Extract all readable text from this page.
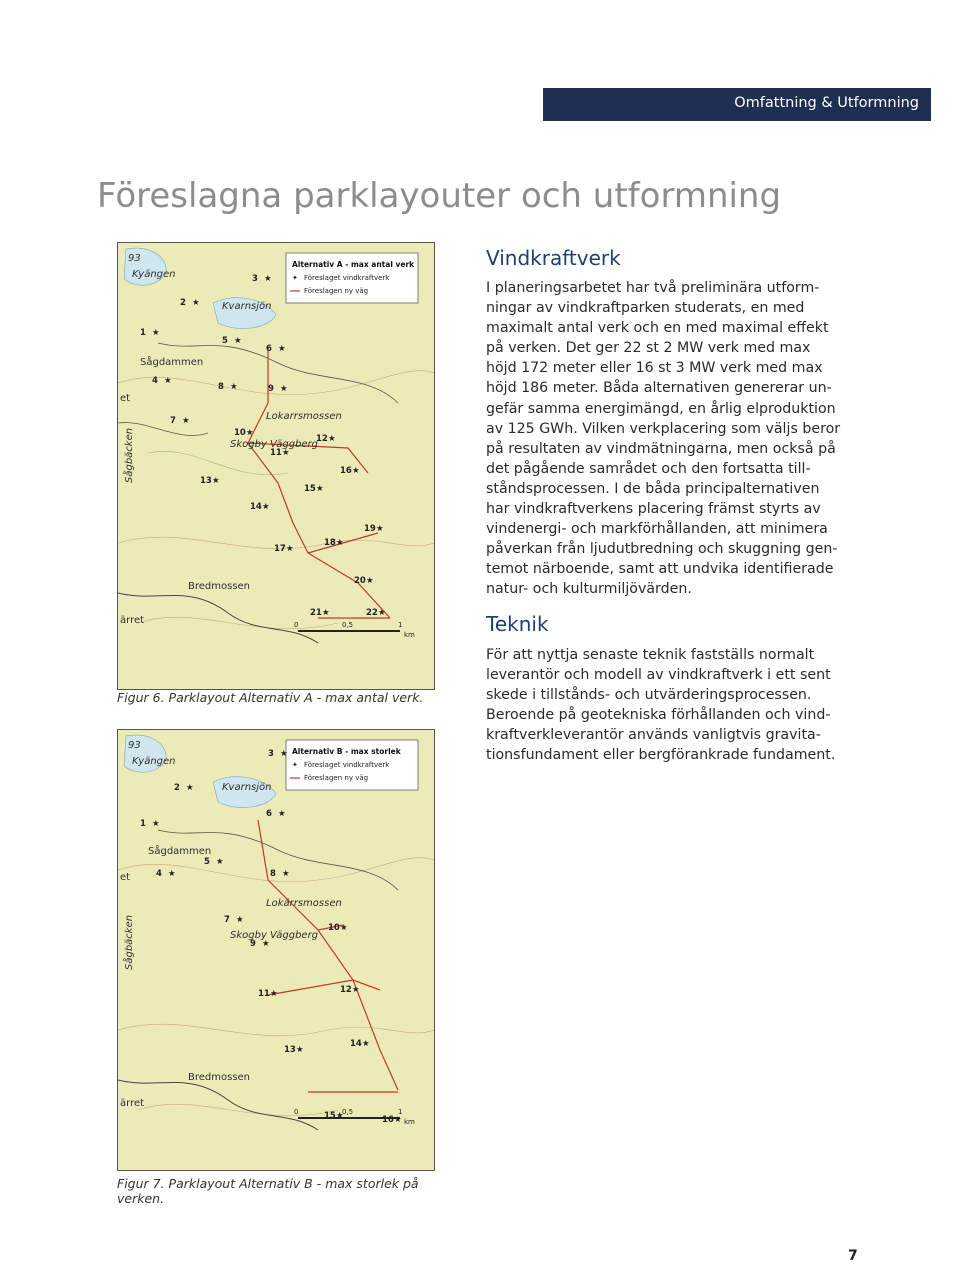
Omfattning & Utformning
Föreslagna parklayouter och utformning
Alternativ A - max antal verk
✦ Föreslaget vindkraftverk
Föreslagen ny väg
93
Kyängen
Kvarnsjön
Sågdammen
Lokarrsmossen
Skogby Väggberg
Sågbäcken
Bredmossen
et
ärret	0	0,5	1
km
1 ★
2 ★
3 ★
4 ★
5 ★
6 ★
7 ★
8 ★	9 ★
10 ★
11 ★
12 ★
13 ★
14 ★
15 ★
16 ★
17 ★
18 ★
19 ★
20 ★
21 ★	22 ★
Figur 6. Parklayout Alternativ A - max antal verk.
Alternativ B - max storlek
✦ Föreslaget vindkraftverk
Föreslagen ny väg
93
Kyängen
Kvarnsjön
Sågdammen
Lokärrsmossen
Skogby Väggberg
Sågbäcken
Bredmossen
et
ärret
0	0,5	1
km
1 ★
2 ★
3 ★
4 ★
5 ★
6 ★
7 ★
8 ★
9 ★
10 ★
11 ★	12 ★
13 ★
14 ★
15 ★	16 ★
Figur 7. Parklayout Alternativ B - max storlek på verken.
Vindkraftverk
I planeringsarbetet har två preliminära utform-
ningar av vindkraftparken studerats, en med
maximalt antal verk och en med maximal effekt
på verken. Det ger 22 st 2 MW verk med max
höjd 172 meter eller 16 st 3 MW verk med max
höjd 186 meter. Båda alternativen genererar un-
gefär samma energimängd, en årlig elproduktion
av 125 GWh. Vilken verkplacering som väljs beror
på resultaten av vindmätningarna, men också på
det pågående samrådet och den fortsatta till-
ståndsprocessen. I de båda principalternativen
har vindkraftverkens placering främst styrts av
vindenergi- och markförhållanden, att minimera
påverkan från ljudutbredning och skuggning gen-
temot närboende, samt att undvika identifierade
natur- och kulturmiljövärden.
Teknik
För att nyttja senaste teknik fastställs normalt
leverantör och modell av vindkraftverk i ett sent
skede i tillstånds- och utvärderingsprocessen.
Beroende på geotekniska förhållanden och vind-
kraftverkleverantör används vanligtvis gravita-
tionsfundament eller bergförankrade fundament.
7
